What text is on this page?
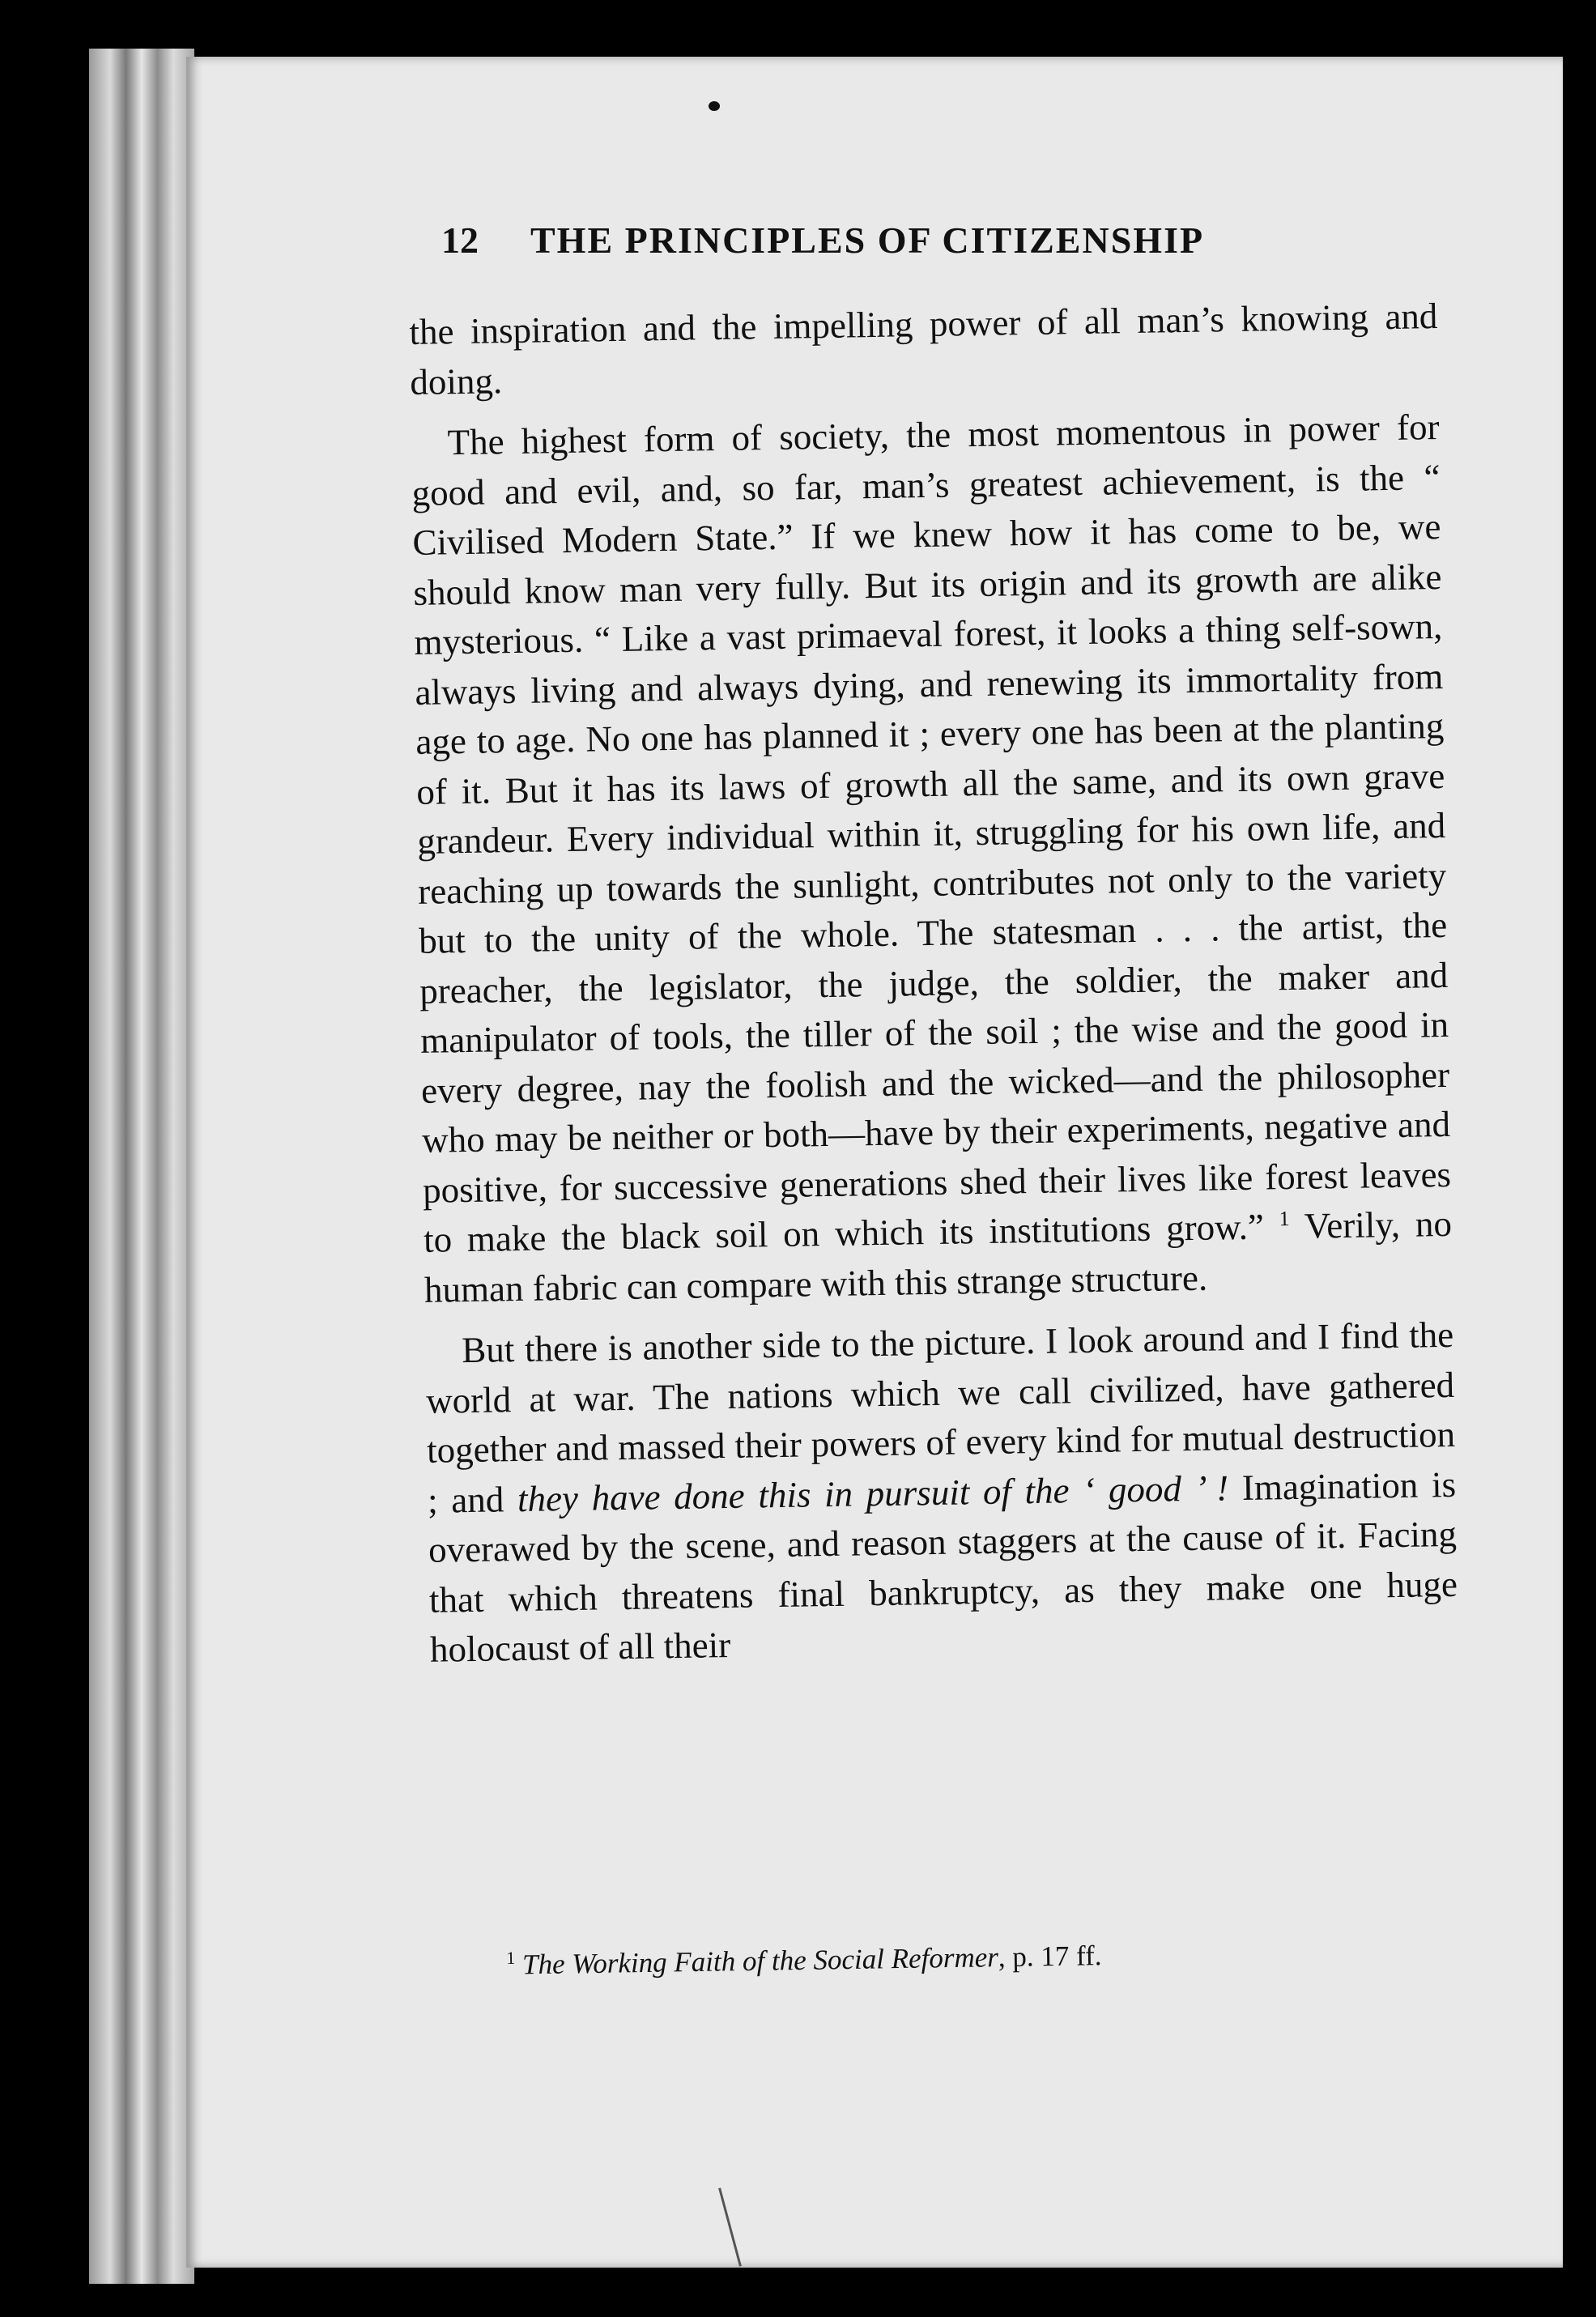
12 THE PRINCIPLES OF CITIZENSHIP

the inspiration and the impelling power of all man’s knowing and doing.

The highest form of society, the most momentous in power for good and evil, and, so far, man’s greatest achievement, is the “ Civilised Modern State.” If we knew how it has come to be, we should know man very fully. But its origin and its growth are alike mysterious. “ Like a vast primaeval forest, it looks a thing self-sown, always living and always dying, and renewing its immortality from age to age. No one has planned it ; every one has been at the planting of it. But it has its laws of growth all the same, and its own grave grandeur. Every individual within it, struggling for his own life, and reaching up towards the sunlight, contributes not only to the variety but to the unity of the whole. The statesman . . . the artist, the preacher, the legislator, the judge, the soldier, the maker and manipulator of tools, the tiller of the soil ; the wise and the good in every degree, nay the foolish and the wicked—and the philosopher who may be neither or both—have by their experiments, negative and positive, for successive generations shed their lives like forest leaves to make the black soil on which its institutions grow.” $^1$ Verily, no human fabric can compare with this strange structure.

But there is another side to the picture. I look around and I find the world at war. The nations which we call civilized, have gathered together and massed their powers of every kind for mutual destruction ; and they have done this in pursuit of the ‘ good ’ ! Imagination is overawed by the scene, and reason staggers at the cause of it. Facing that which threatens final bankruptcy, as they make one huge holocaust of all their

$^1$ The Working Faith of the Social Reformer, p. 17 ff.
